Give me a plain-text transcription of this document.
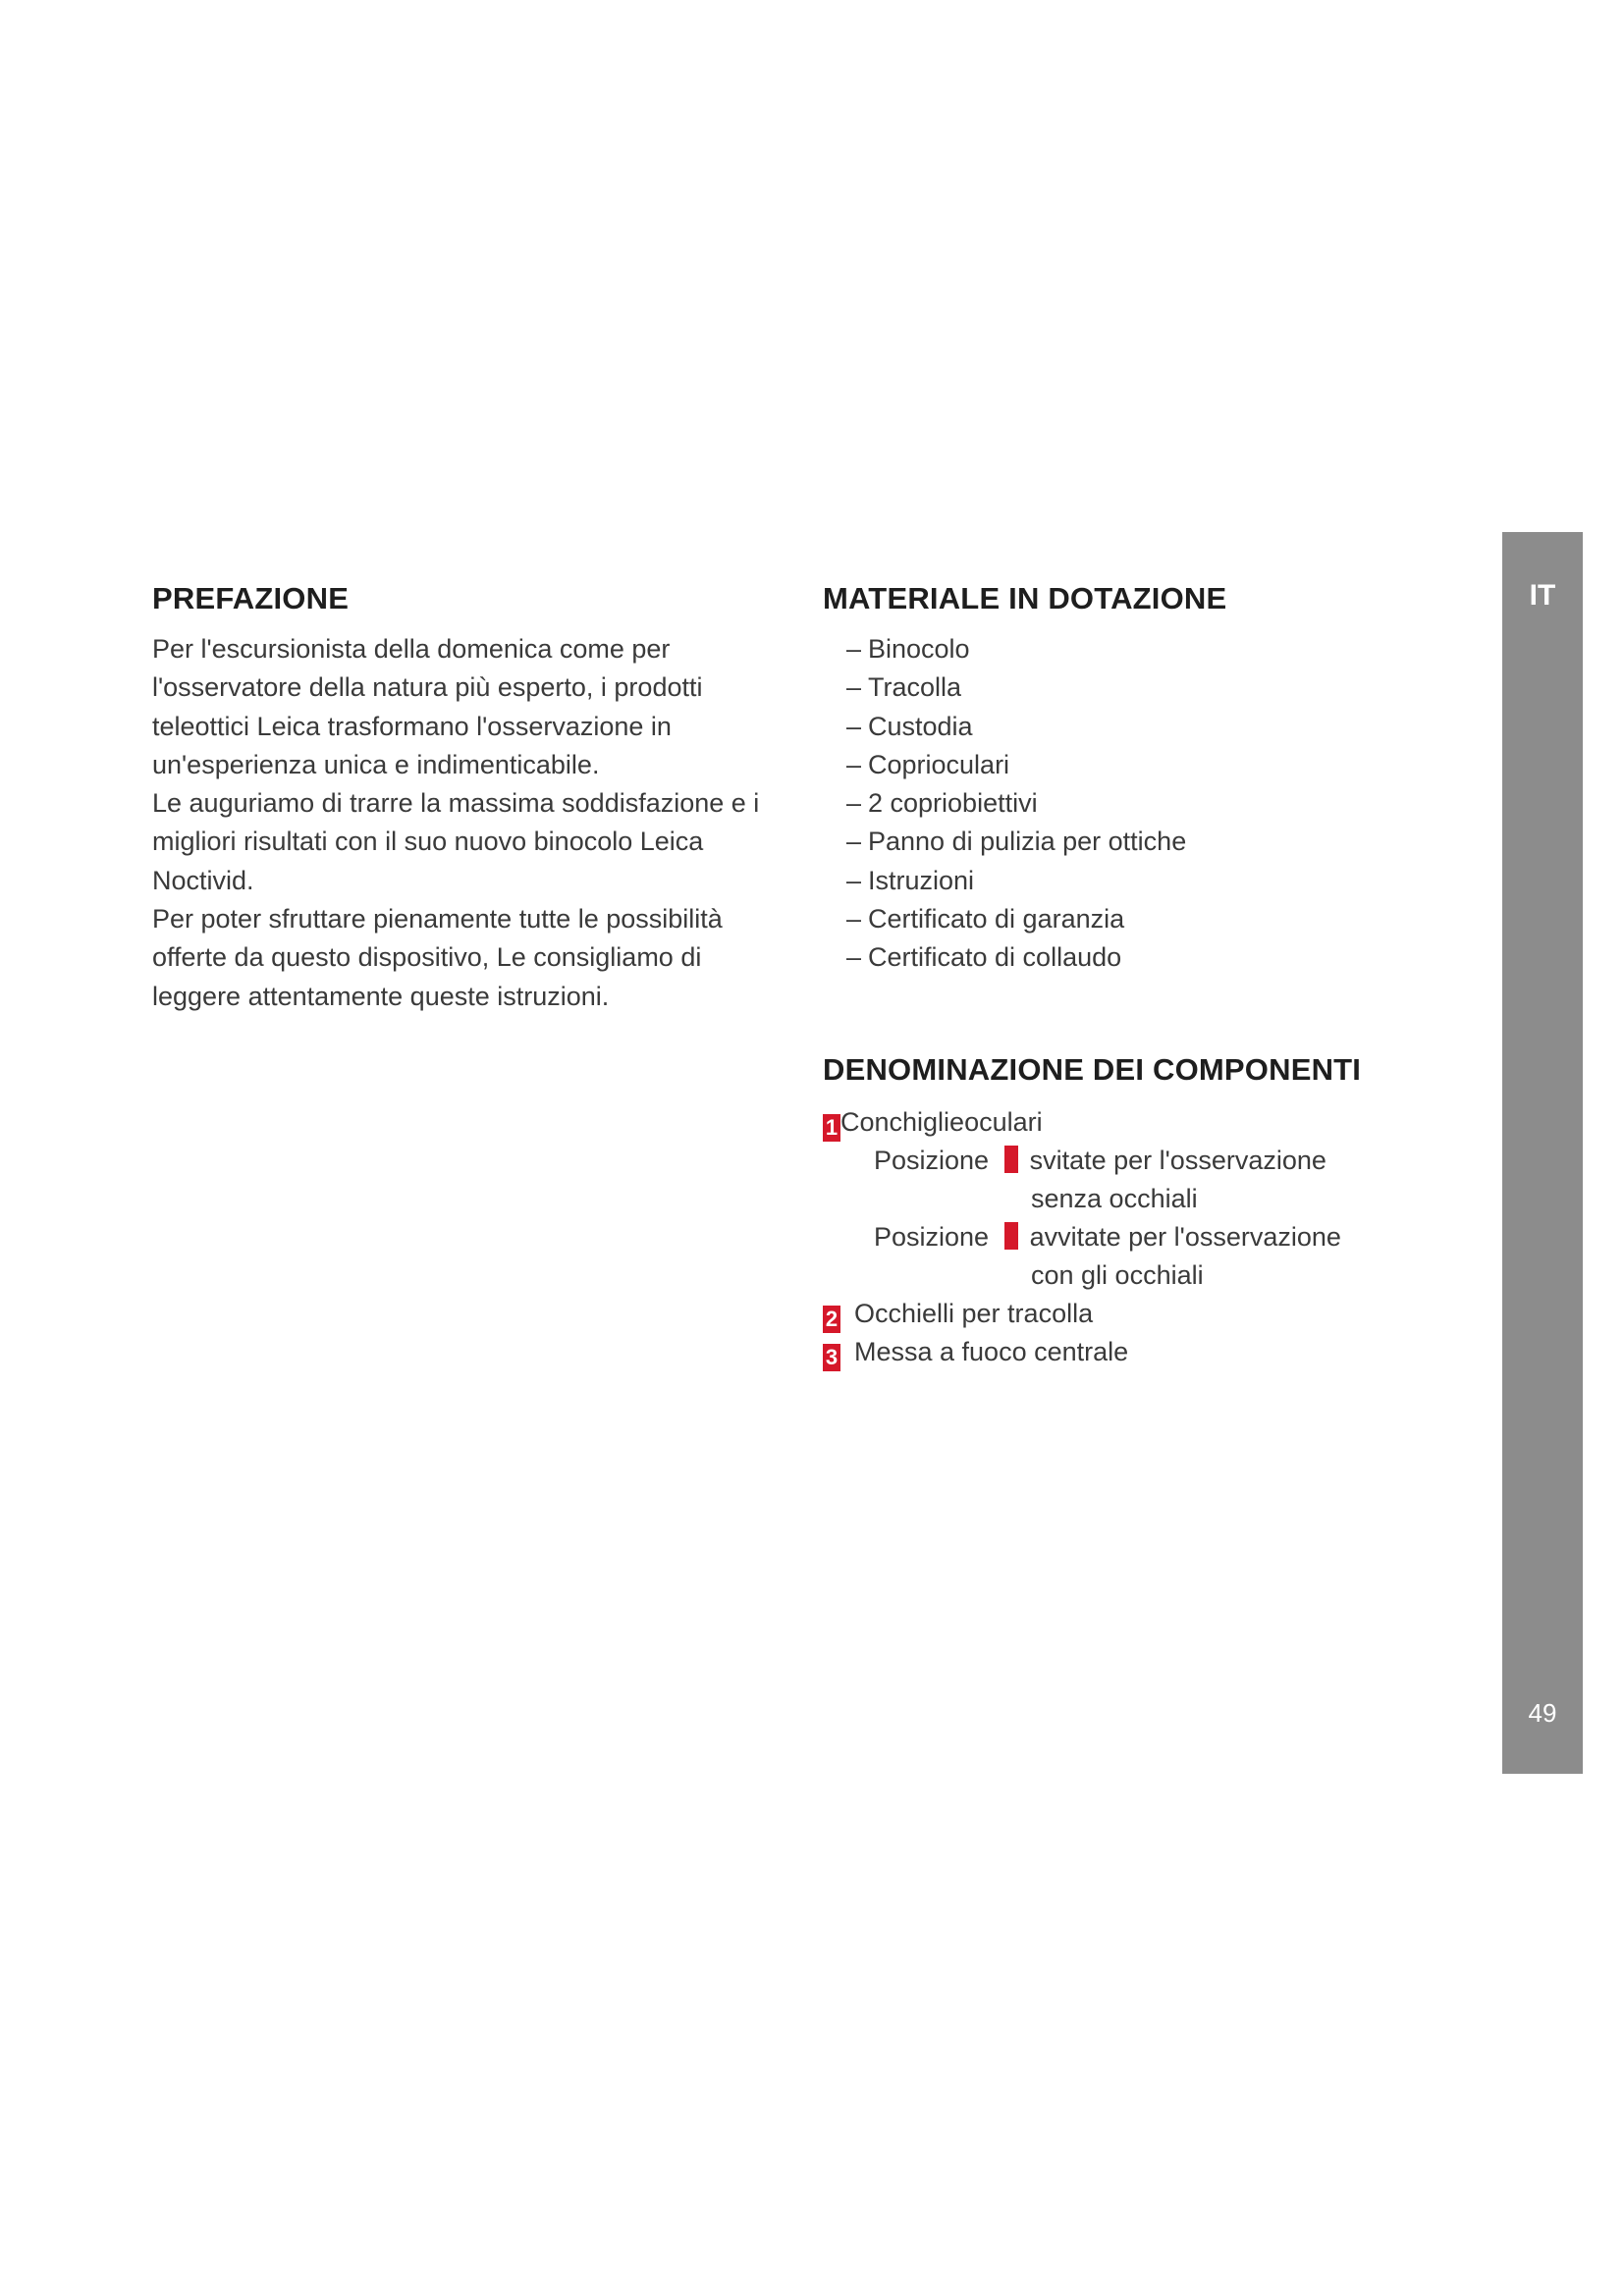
PREFAZIONE

Per l'escursionista della domenica come per

l'osservatore della natura più esperto, i prodotti

teleottici Leica trasformano l'osservazione in

un'esperienza unica e indimenticabile.

Le auguriamo di trarre la massima soddisfazione e i

migliori risultati con il suo nuovo binocolo Leica

Noctivid.

Per poter sfruttare pienamente tutte le possibilità

offerte da questo dispositivo, Le consigliamo di

leggere attentamente queste istruzioni.

MATERIALE IN DOTAZIONE
– Binocolo
– Tracolla
– Custodia
– Coprioculari
– 2 copriobiettivi
– Panno di pulizia per ottiche
– Istruzioni
– Certificato di garanzia
– Certificato di collaudo
DENOMINAZIONE DEI COMPONENTI
1 Conchiglieoculari
Posizione svitate per l'osservazione
senza occhiali
Posizione avvitate per l'osservazione
con gli occhiali
2 Occhielli per tracolla
3 Messa a fuoco centrale
IT
49
